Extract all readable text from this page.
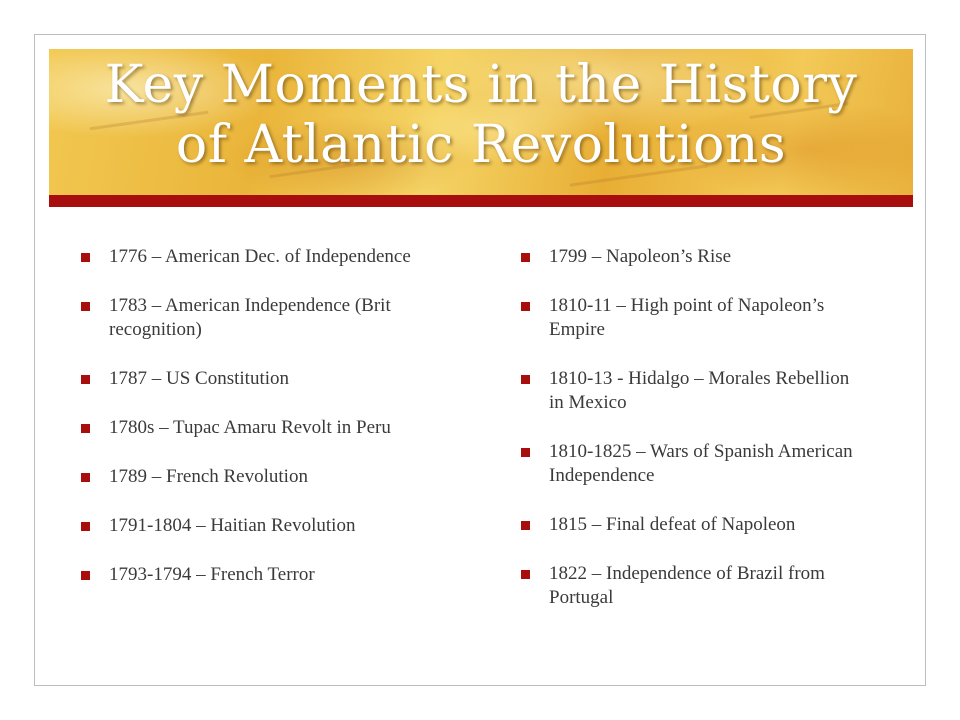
Key Moments in the History
of Atlantic Revolutions
1776 – American Dec. of Independence
1783 – American Independence (Brit recognition)
1787 – US Constitution
1780s – Tupac Amaru Revolt in Peru
1789 – French Revolution
1791-1804 – Haitian Revolution
1793-1794 – French Terror
1799 – Napoleon’s Rise
1810-11 – High point of Napoleon’s Empire
1810-13 - Hidalgo – Morales Rebellion in Mexico
1810-1825 – Wars of Spanish American Independence
1815 – Final defeat of Napoleon
1822 – Independence of Brazil from Portugal
